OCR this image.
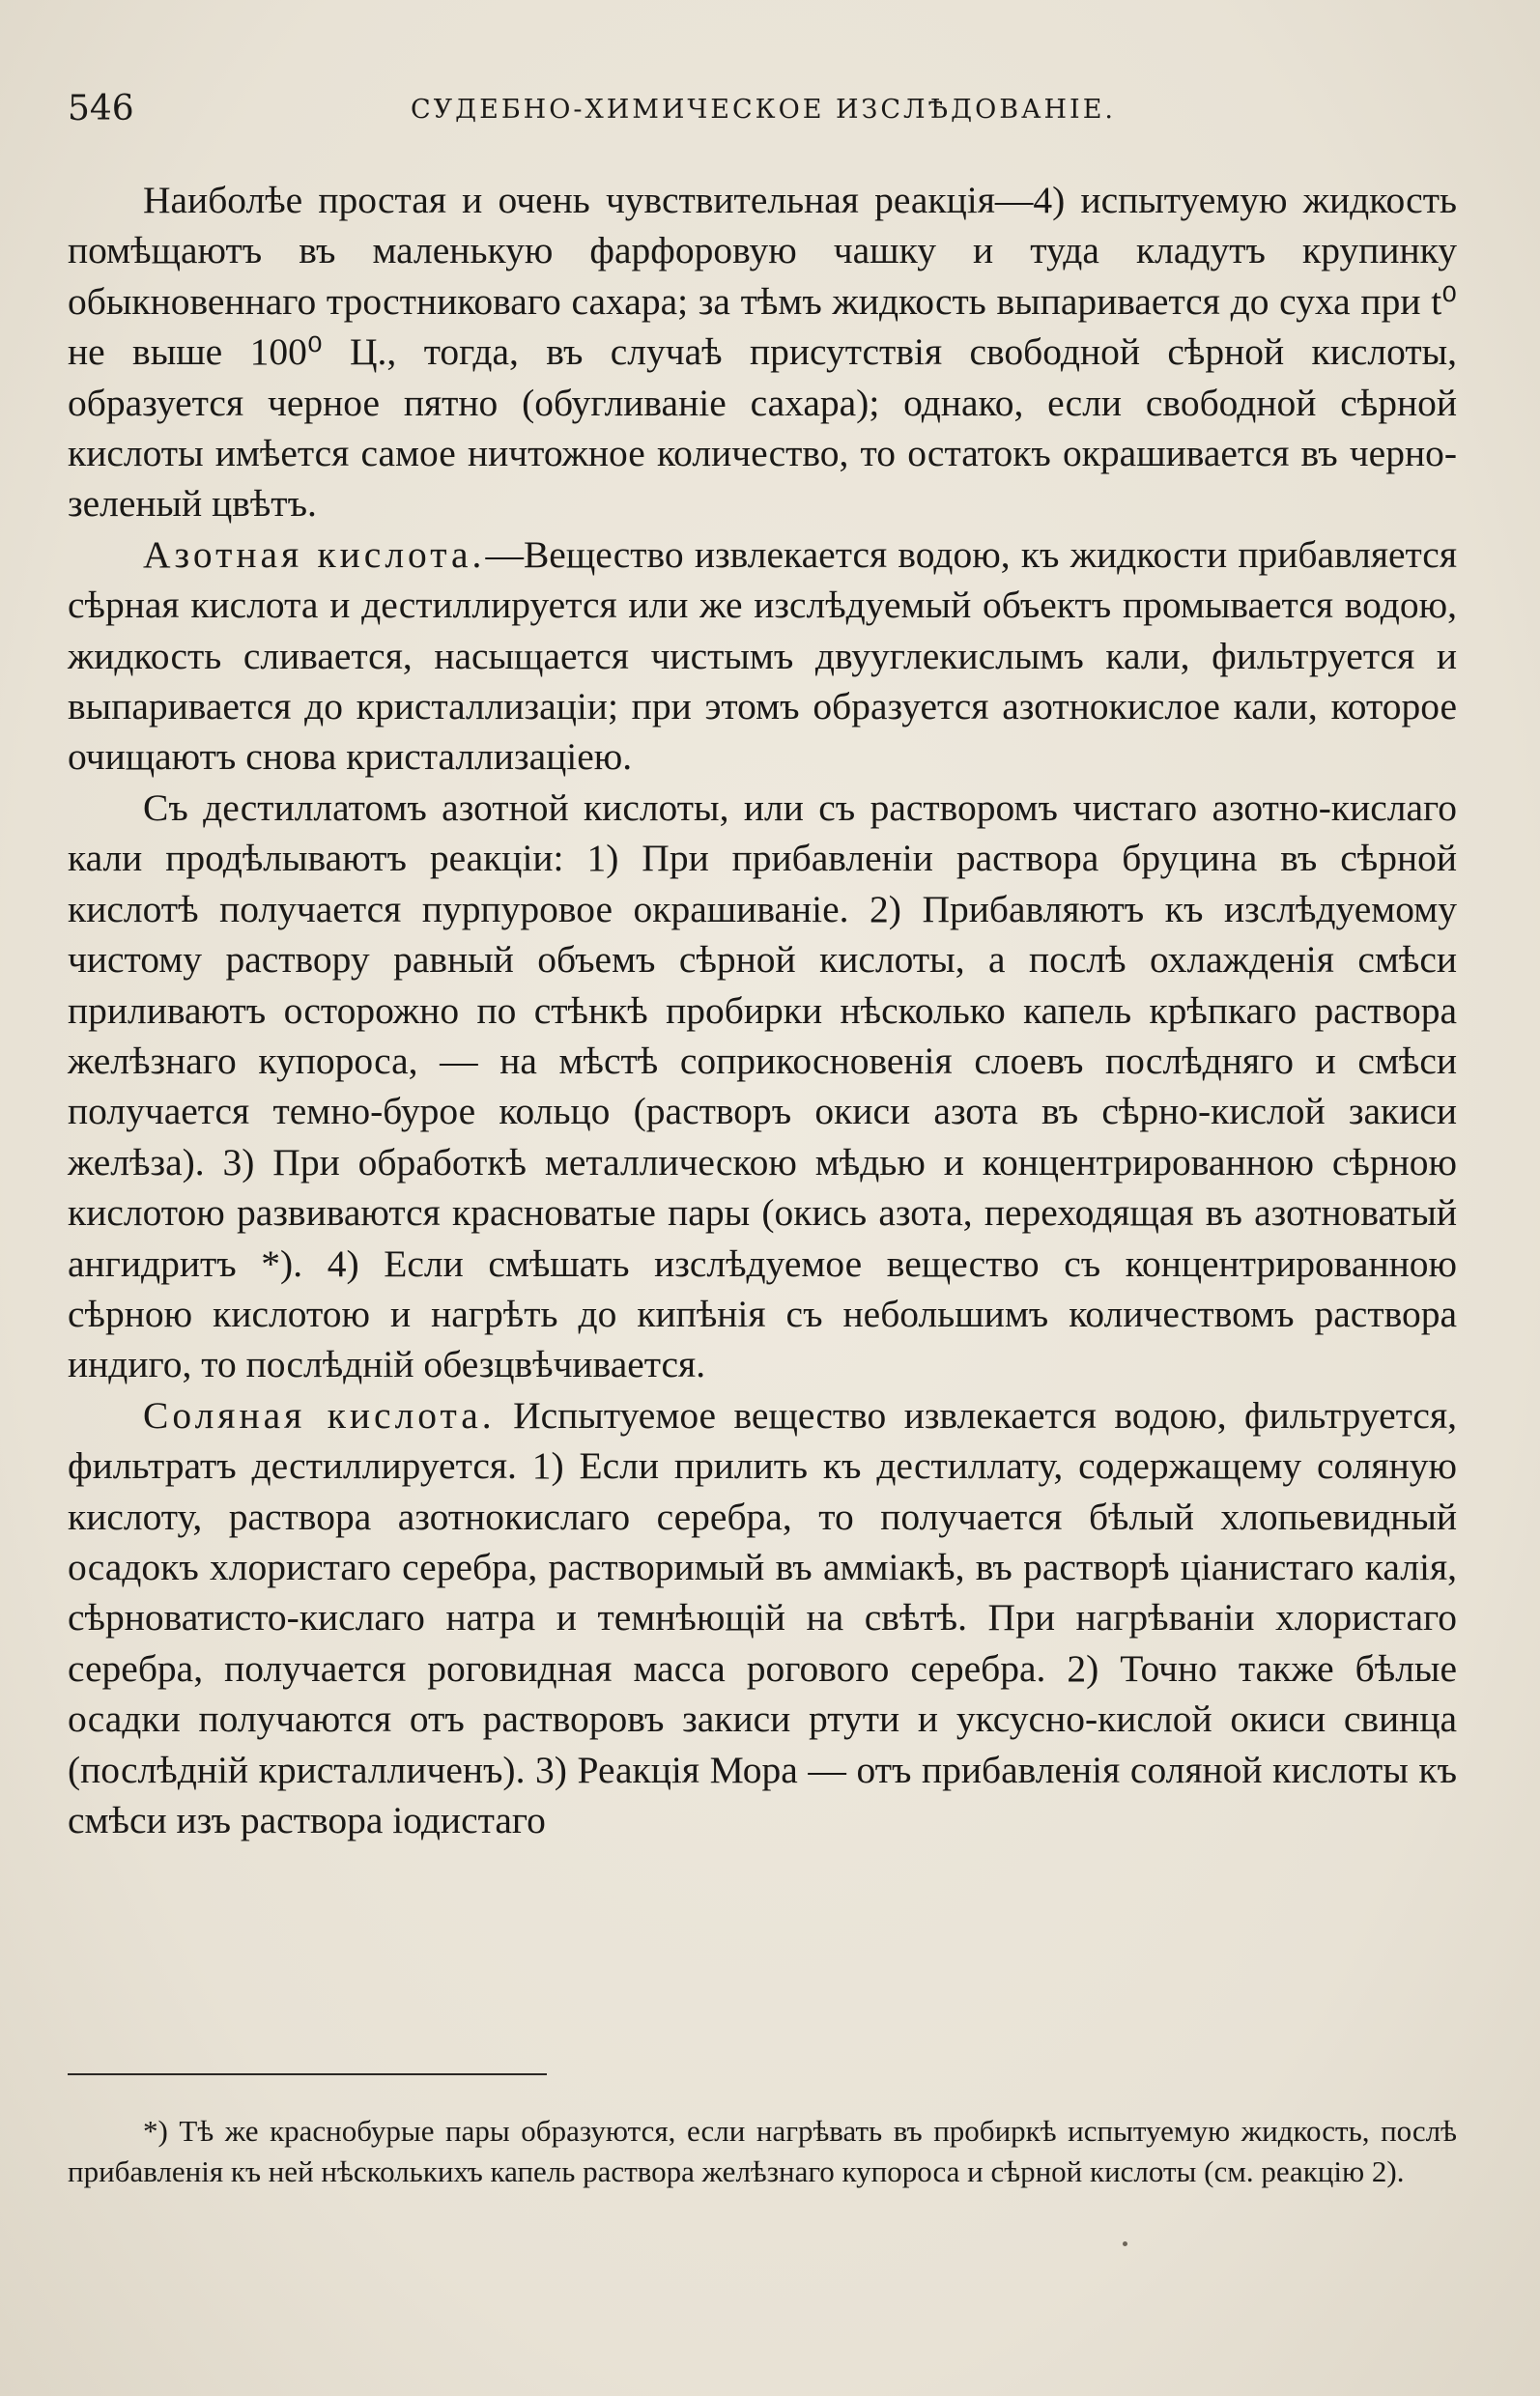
546	СУДЕБНО-ХИМИЧЕСКОЕ ИЗСЛѢДОВАНІЕ.

Наиболѣе простая и очень чувствительная реакція—4) испытуемую жидкость помѣщаютъ въ маленькую фарфоровую чашку и туда кладутъ крупинку обыкновеннаго тростниковаго сахара; за тѣмъ жидкость выпаривается до суха при t⁰ не выше 100⁰ Ц., тогда, въ случаѣ присутствія свободной сѣрной кислоты, образуется черное пятно (обугливаніе сахара); однако, если свободной сѣрной кислоты имѣется самое ничтожное количество, то остатокъ окрашивается въ черно-зеленый цвѣтъ.

Азотная кислота.—Вещество извлекается водою, къ жидкости прибавляется сѣрная кислота и дестиллируется или же изслѣдуемый объектъ промывается водою, жидкость сливается, насыщается чистымъ двууглекислымъ кали, фильтруется и выпаривается до кристаллизаціи; при этомъ образуется азотнокислое кали, которое очищаютъ снова кристаллизаціею.

Съ дестиллатомъ азотной кислоты, или съ растворомъ чистаго азотно-кислаго кали продѣлываютъ реакціи: 1) При прибавленіи раствора бруцина въ сѣрной кислотѣ получается пурпуровое окрашиваніе. 2) Прибавляютъ къ изслѣдуемому чистому раствору равный объемъ сѣрной кислоты, а послѣ охлажденія смѣси приливаютъ осторожно по стѣнкѣ пробирки нѣсколько капель крѣпкаго раствора желѣзнаго купороса, — на мѣстѣ соприкосновенія слоевъ послѣдняго и смѣси получается темно-бурое кольцо (растворъ окиси азота въ сѣрно-кислой закиси желѣза). 3) При обработкѣ металлическою мѣдью и концентрированною сѣрною кислотою развиваются красноватые пары (окись азота, переходящая въ азотноватый ангидритъ *). 4) Если смѣшать изслѣдуемое вещество съ концентрированною сѣрною кислотою и нагрѣть до кипѣнія съ небольшимъ количествомъ раствора индиго, то послѣдній обезцвѣчивается.

Соляная кислота. Испытуемое вещество извлекается водою, фильтруется, фильтратъ дестиллируется. 1) Если прилить къ дестиллату, содержащему соляную кислоту, раствора азотнокислаго серебра, то получается бѣлый хлопьевидный осадокъ хлористаго серебра, растворимый въ амміакѣ, въ растворѣ ціанистаго калія, сѣрноватисто-кислаго натра и темнѣющій на свѣтѣ. При нагрѣваніи хлористаго серебра, получается роговидная масса рогового серебра. 2) Точно также бѣлые осадки получаются отъ растворовъ закиси ртути и уксусно-кислой окиси свинца (послѣдній кристалличенъ). 3) Реакція Мора — отъ прибавленія соляной кислоты къ смѣси изъ раствора іодистаго

*) Тѣ же краснобурые пары образуются, если нагрѣвать въ пробиркѣ испытуемую жидкость, послѣ прибавленія къ ней нѣсколькихъ капель раствора желѣзнаго купороса и сѣрной кислоты (см. реакцію 2).
